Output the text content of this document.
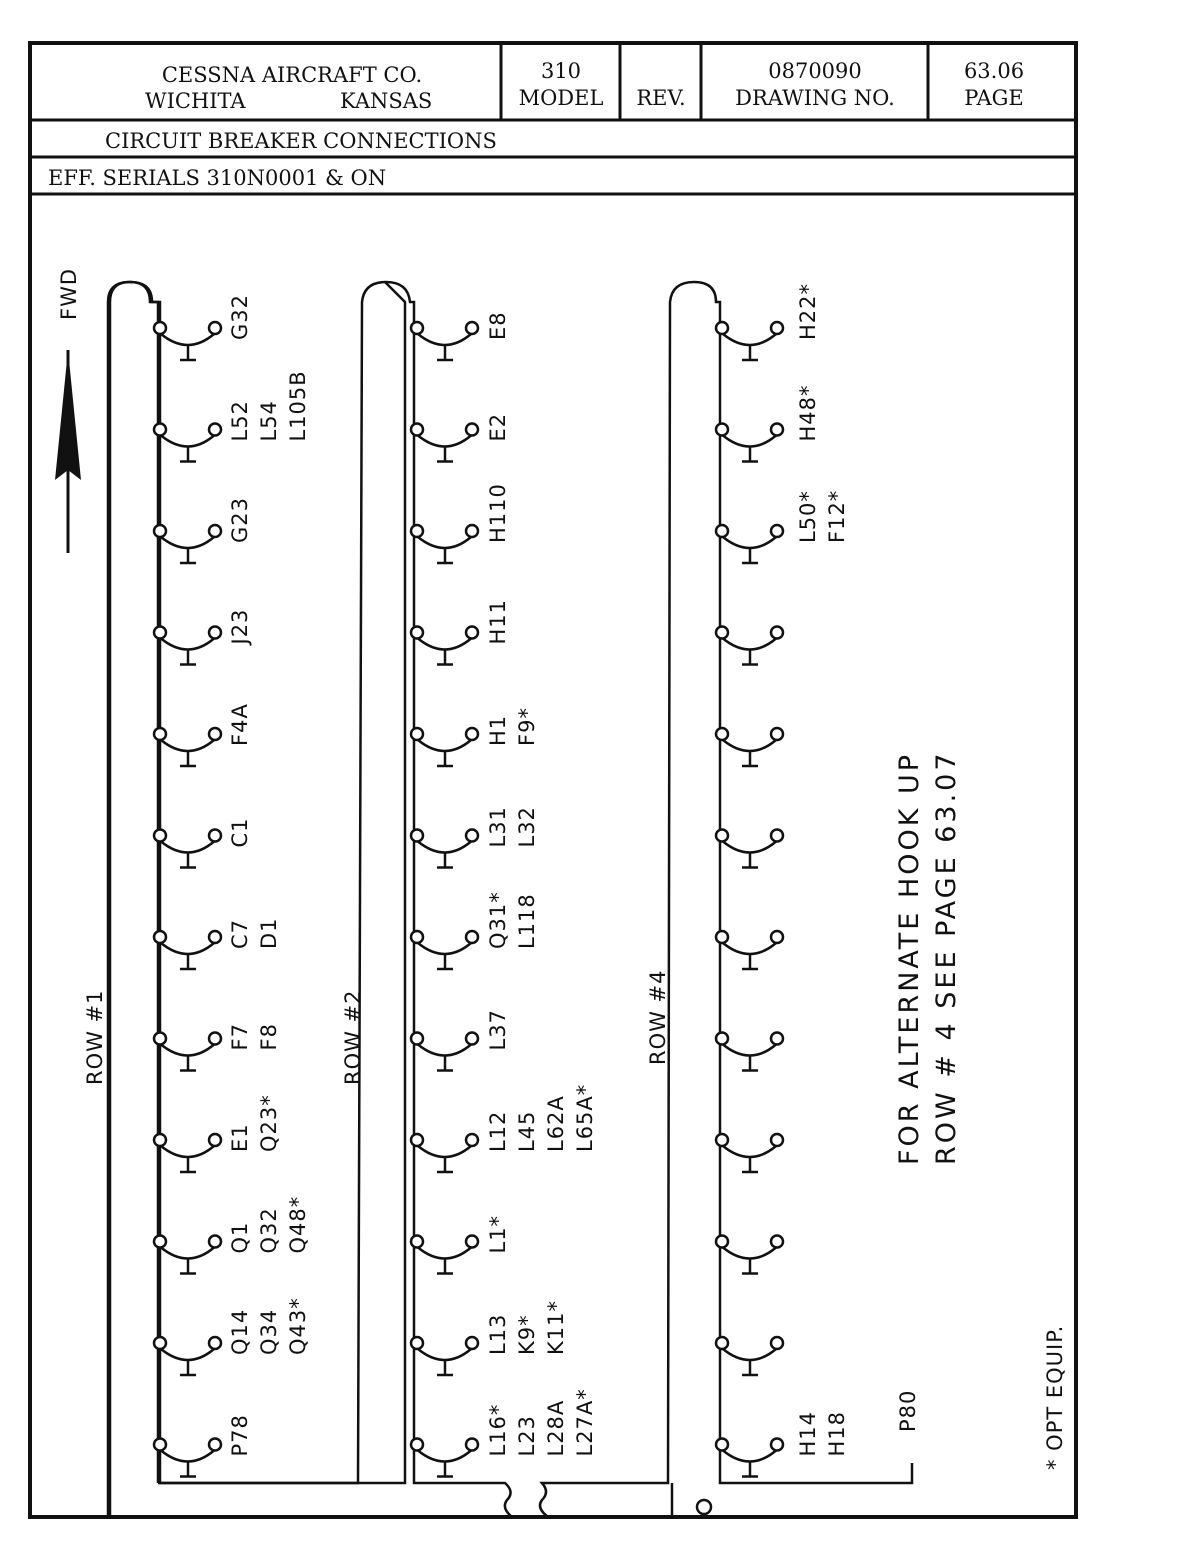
CESSNA AIRCRAFT CO.
WICHITA	KANSAS
310
MODEL REV.
0870090
DRAWING NO.
63.06
PAGE
CIRCUIT BREAKER CONNECTIONS
EFF. SERIALS 310N0001 & ON
FWD	G32
L52 L54 L105B
G23
J23
F4A
C1
C7 D1
F7 F8
E1 Q23*
Q1 Q32 Q48*
Q14 Q34 Q43*
P78
E8
E2
H110
H11
H1 F9*
L31 L32
Q31* L118
L37
L12 L45 L62A L65A*
L1*
L13 K9* K11*
L16* L23 L28A L27A*
H22*
H48*
L50* F12*
H14 H18
ROW #1	ROW #2	ROW #4
P80
FOR ALTERNATE HOOK UP ROW # 4 SEE PAGE 63.07
* OPT EQUIP.
